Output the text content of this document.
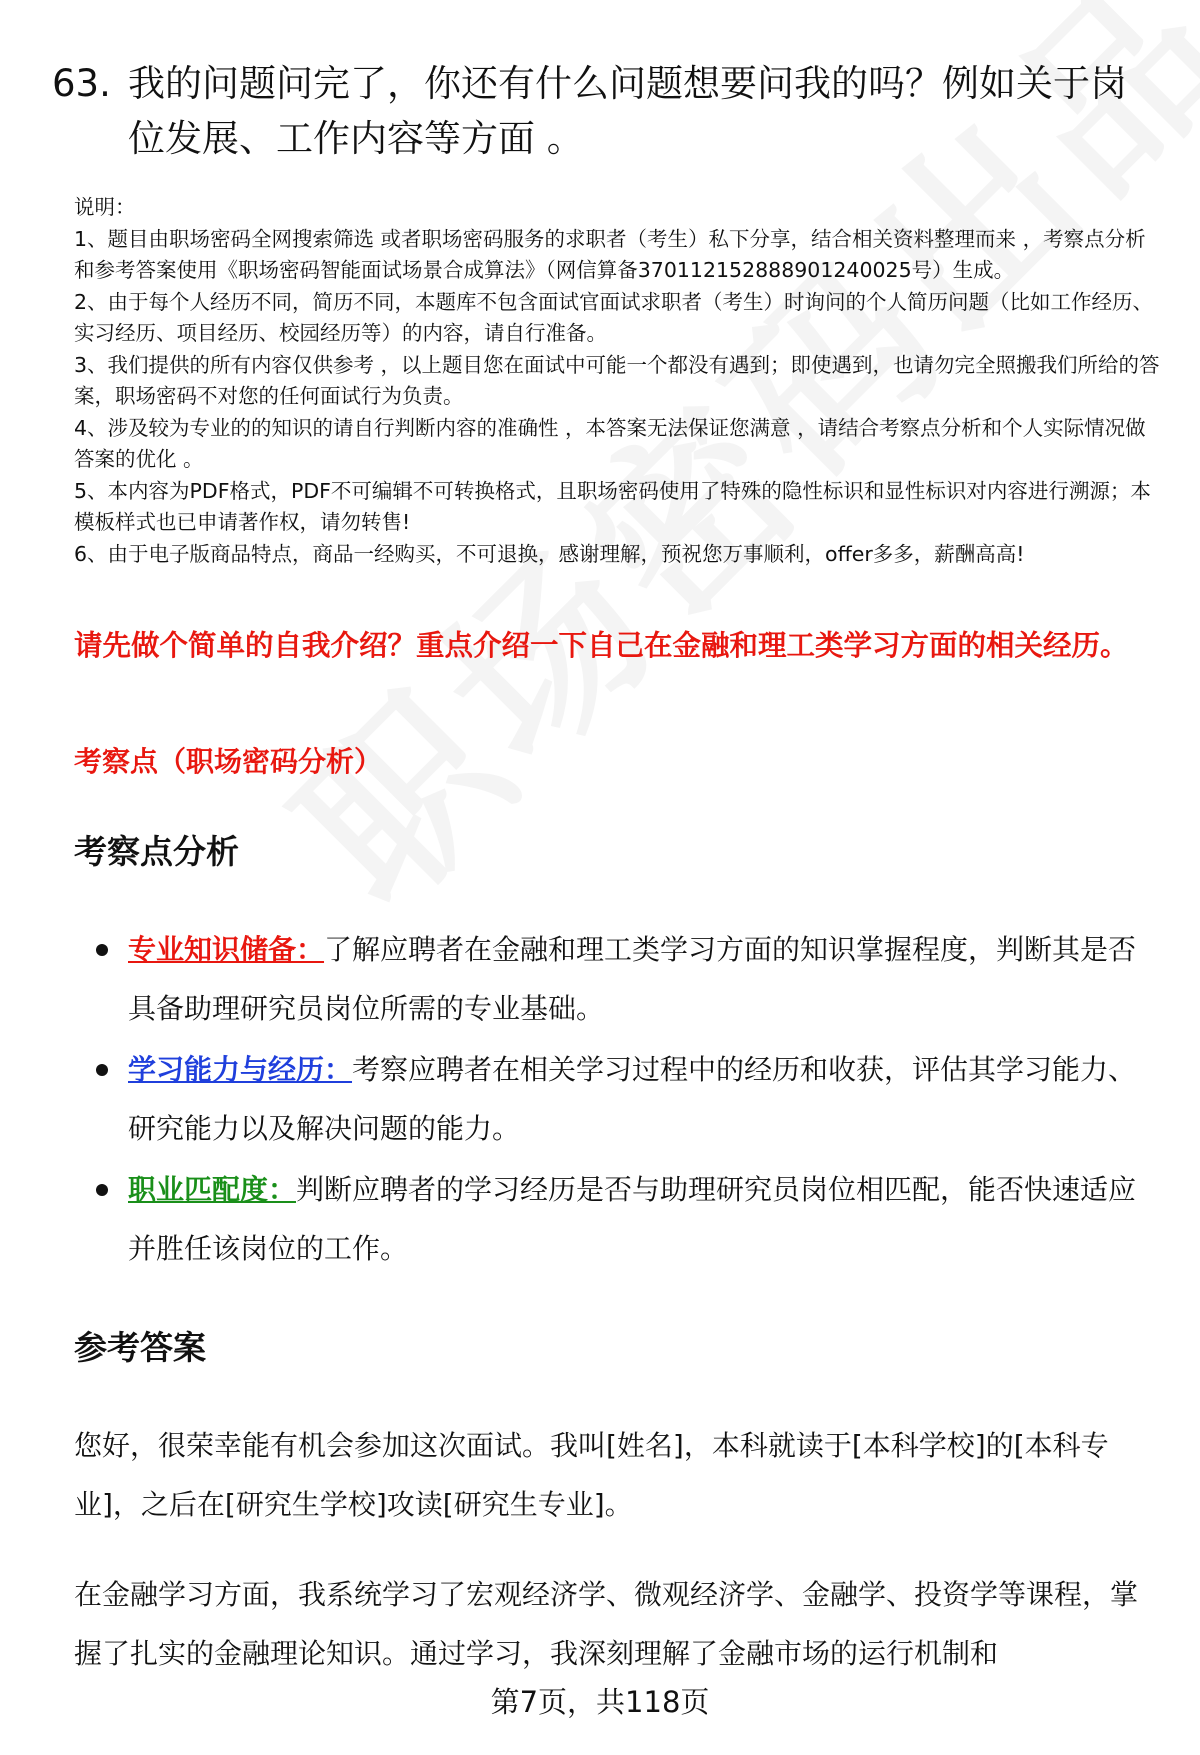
63. 我的问题问完了，你还有什么问题想要问我的吗？例如关于岗位发展、工作内容等方面 。
说明：
1、题目由职场密码全网搜索筛选 或者职场密码服务的求职者（考生）私下分享，结合相关资料整理而来 ，考察点分析和参考答案使用《职场密码智能面试场景合成算法》（网信算备370112152888901240025号）生成。
2、由于每个人经历不同，简历不同，本题库不包含面试官面试求职者（考生）时询问的个人简历问题（比如工作经历、实习经历、项目经历、校园经历等）的内容，请自行准备。
3、我们提供的所有内容仅供参考 ，以上题目您在面试中可能一个都没有遇到；即使遇到，也请勿完全照搬我们所给的答案，职场密码不对您的任何面试行为负责。
4、涉及较为专业的的知识的请自行判断内容的准确性 ，本答案无法保证您满意 ，请结合考察点分析和个人实际情况做答案的优化 。
5、本内容为PDF格式，PDF不可编辑不可转换格式，且职场密码使用了特殊的隐性标识和显性标识对内容进行溯源；本模板样式也已申请著作权，请勿转售!
6、由于电子版商品特点，商品一经购买，不可退换，感谢理解，预祝您万事顺利，offer多多，薪酬高高!
请先做个简单的自我介绍？重点介绍一下自己在金融和理工类学习方面的相关经历。
考察点（职场密码分析）
考察点分析
专业知识储备：了解应聘者在金融和理工类学习方面的知识掌握程度，判断其是否具备助理研究员岗位所需的专业基础。
学习能力与经历：考察应聘者在相关学习过程中的经历和收获，评估其学习能力、研究能力以及解决问题的能力。
职业匹配度：判断应聘者的学习经历是否与助理研究员岗位相匹配，能否快速适应并胜任该岗位的工作。
参考答案
您好，很荣幸能有机会参加这次面试。我叫[姓名]，本科就读于[本科学校]的[本科专业]，之后在[研究生学校]攻读[研究生专业]。
在金融学习方面，我系统学习了宏观经济学、微观经济学、金融学、投资学等课程，掌握了扎实的金融理论知识。通过学习，我深刻理解了金融市场的运行机制和
第7页，共118页
